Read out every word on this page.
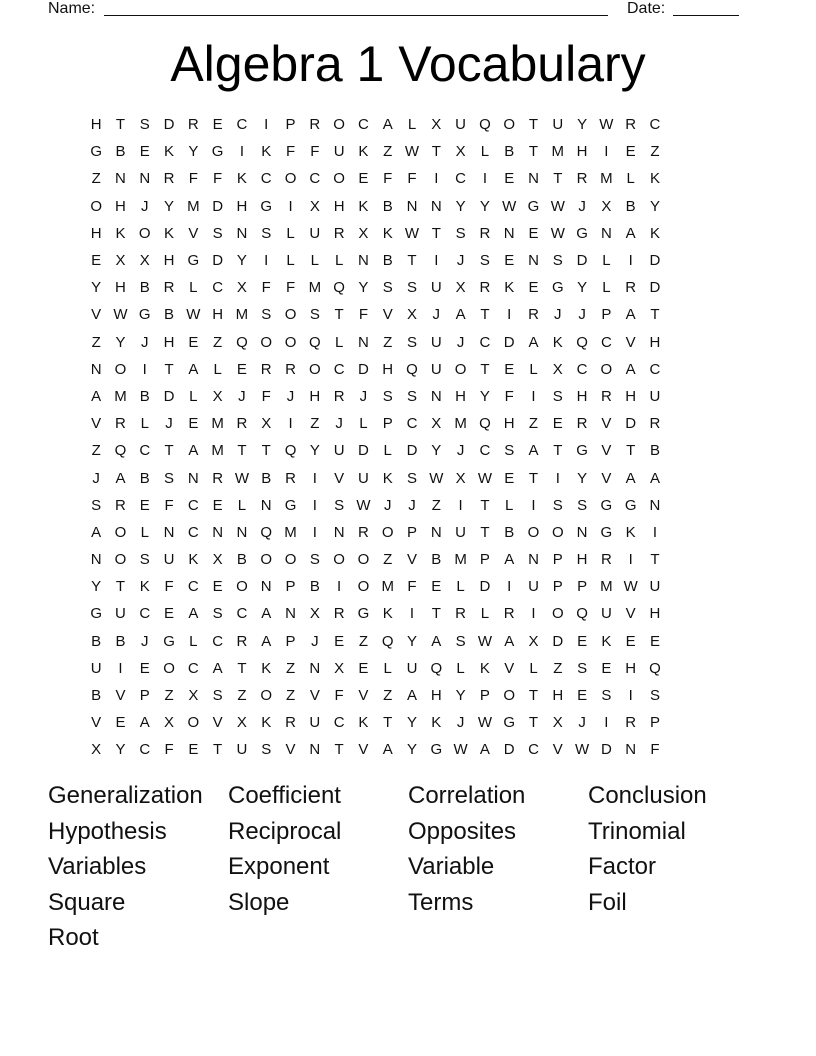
Name:	Date:
Algebra 1 Vocabulary
H T S D R E C	I	P R O C A	L	X U Q O T U Y W R C
G B E K Y G	I	K F	F U K Z W T X	L	B T M H	I	E Z
Z N N R F	F K C O C O E F	F	I	C	I	E N T R M L	K
O H	J	Y M D H G	I	X H K B N N Y Y W G W J	X B Y
H K O K V S N S	L U R X K W T S R N E W G N A K
E X X H G D Y	I	L	L	L N B T	I	J	S E N S D L	I	D
Y H B R L C X F	F M Q Y S S U X R K E G Y	L R D
V W G B W H M S O S T	F V X	J	A T	I	R	J	J	P A T
Z Y	J	H E Z Q O O Q L N Z S U	J	C D A K Q C V H
N O	I	T A	L	E R R O C D H Q U O T E	L	X C O A C
A M B D L	X	J	F	J	H R	J	S S N H Y F	I	S H R H U
V R L	J	E M R X	I	Z	J	L	P C X M Q H Z E R V D R
Z Q C T A M T	T Q Y U D L D Y	J	C S A T G V T B
J	A B S N R W B R	I	V U K S W X W E T	I	Y V A A
S R E F C E	L N G	I	S W J	J	Z	I	T	L	I	S S G G N
A O L N C N N Q M	I	N R O P N U T B O O N G K	I
N O S U K X B O O S O O Z V B M P A N P H R	I	T
Y T K F C E O N P B	I	O M F E	L D	I	U P P M W U
G U C E A S C A N X R G K	I	T R L R	I	O Q U V H
B B	J G L C R A P	J	E Z Q Y A S W A X D E K E E
U	I	E O C A T K Z N X E	L U Q L	K V	L	Z S E H Q
B V P Z X S Z O Z V F V Z A H Y P O T H E S	I	S
V E A X O V X K R U C K T Y K	J W G T X	J	I	R P
X Y C F E T U S V N T V A Y G W A D C V W D N F
Generalization	Coefficient	Correlation	Conclusion
Hypothesis	Reciprocal	Opposites	Trinomial
Variables	Exponent	Variable	Factor
Square	Slope	Terms	Foil
Root
